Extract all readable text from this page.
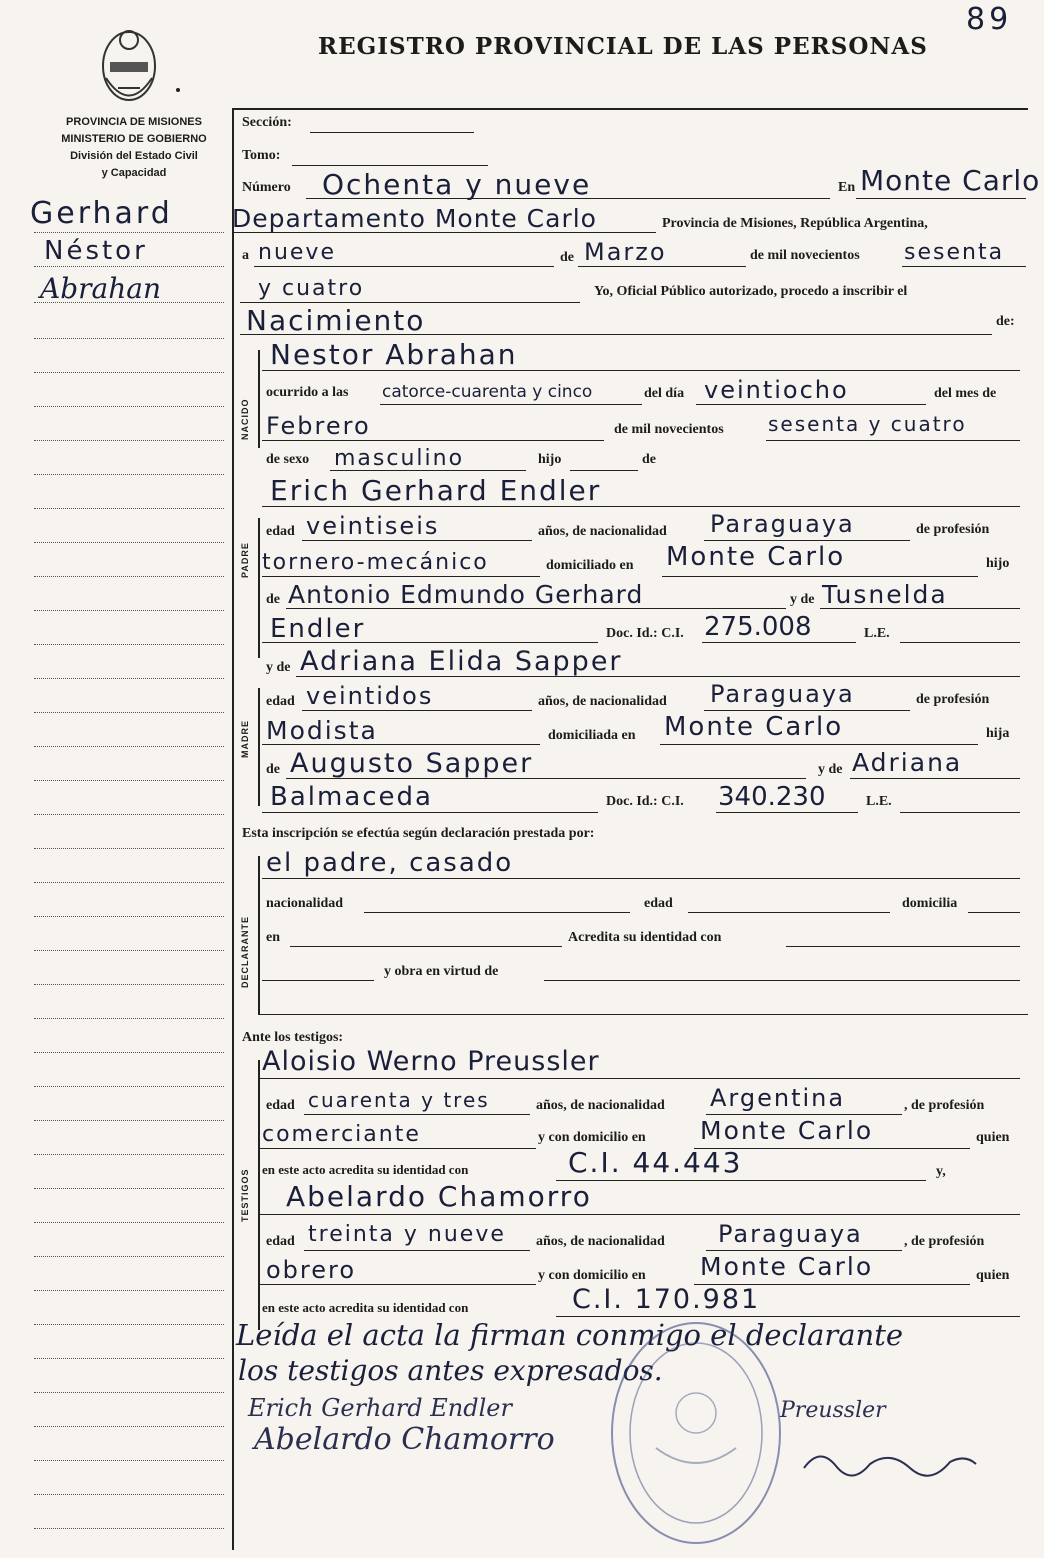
89
REGISTRO PROVINCIAL DE LAS PERSONAS
PROVINCIA DE MISIONES
MINISTERIO DE GOBIERNO
División del Estado Civil
y Capacidad
Gerhard
Néstor
Abrahan
NACIDO
PADRE
MADRE
DECLARANTE
TESTIGOS
Sección:
Tomo:
Número Ochenta y nueve	En Monte Carlo
Departamento Monte Carlo	Provincia de Misiones, República Argentina,
a nueve	de Marzo	de mil novecientos sesenta
y cuatro	Yo, Oficial Público autorizado, procedo a inscribir el
Nacimiento	de:
Nestor Abrahan
ocurrido a las catorce-cuarenta y cinco	del día veintiocho	del mes de
Febrero	de mil novecientos sesenta y cuatro
de sexo masculino	hijo	de
Erich Gerhard Endler
edad veintiseis	años, de nacionalidad Paraguaya	de profesión
tornero-mecánico	domiciliado en Monte Carlo	hijo
de Antonio Edmundo Gerhard	y de Tusnelda
Endler	Doc. Id.: C.I. 275.008	L.E.
y de Adriana Elida Sapper
edad veintidos	años, de nacionalidad Paraguaya	de profesión
Modista	domiciliada en Monte Carlo	hija
de Augusto Sapper	y de Adriana
Balmaceda	Doc. Id.: C.I. 340.230	L.E.
Esta inscripción se efectúa según declaración prestada por:
el padre, casado
nacionalidad	edad	domicilia
en	Acredita su identidad con
y obra en virtud de
Ante los testigos:
Aloisio Werno Preussler
edad cuarenta y tres	años, de nacionalidad Argentina	, de profesión
comerciante	y con domicilio en Monte Carlo	quien
en este acto acredita su identidad con	C.I. 44.443	y,
Abelardo Chamorro
edad treinta y nueve años, de nacionalidad Paraguaya	, de profesión
obrero	y con domicilio en Monte Carlo	quien
en este acto acredita su identidad con	C.I. 170.981
Leída el acta la firman conmigo el declarante
los testigos antes expresados.
Erich Gerhard Endler	Preussler
Abelardo Chamorro
